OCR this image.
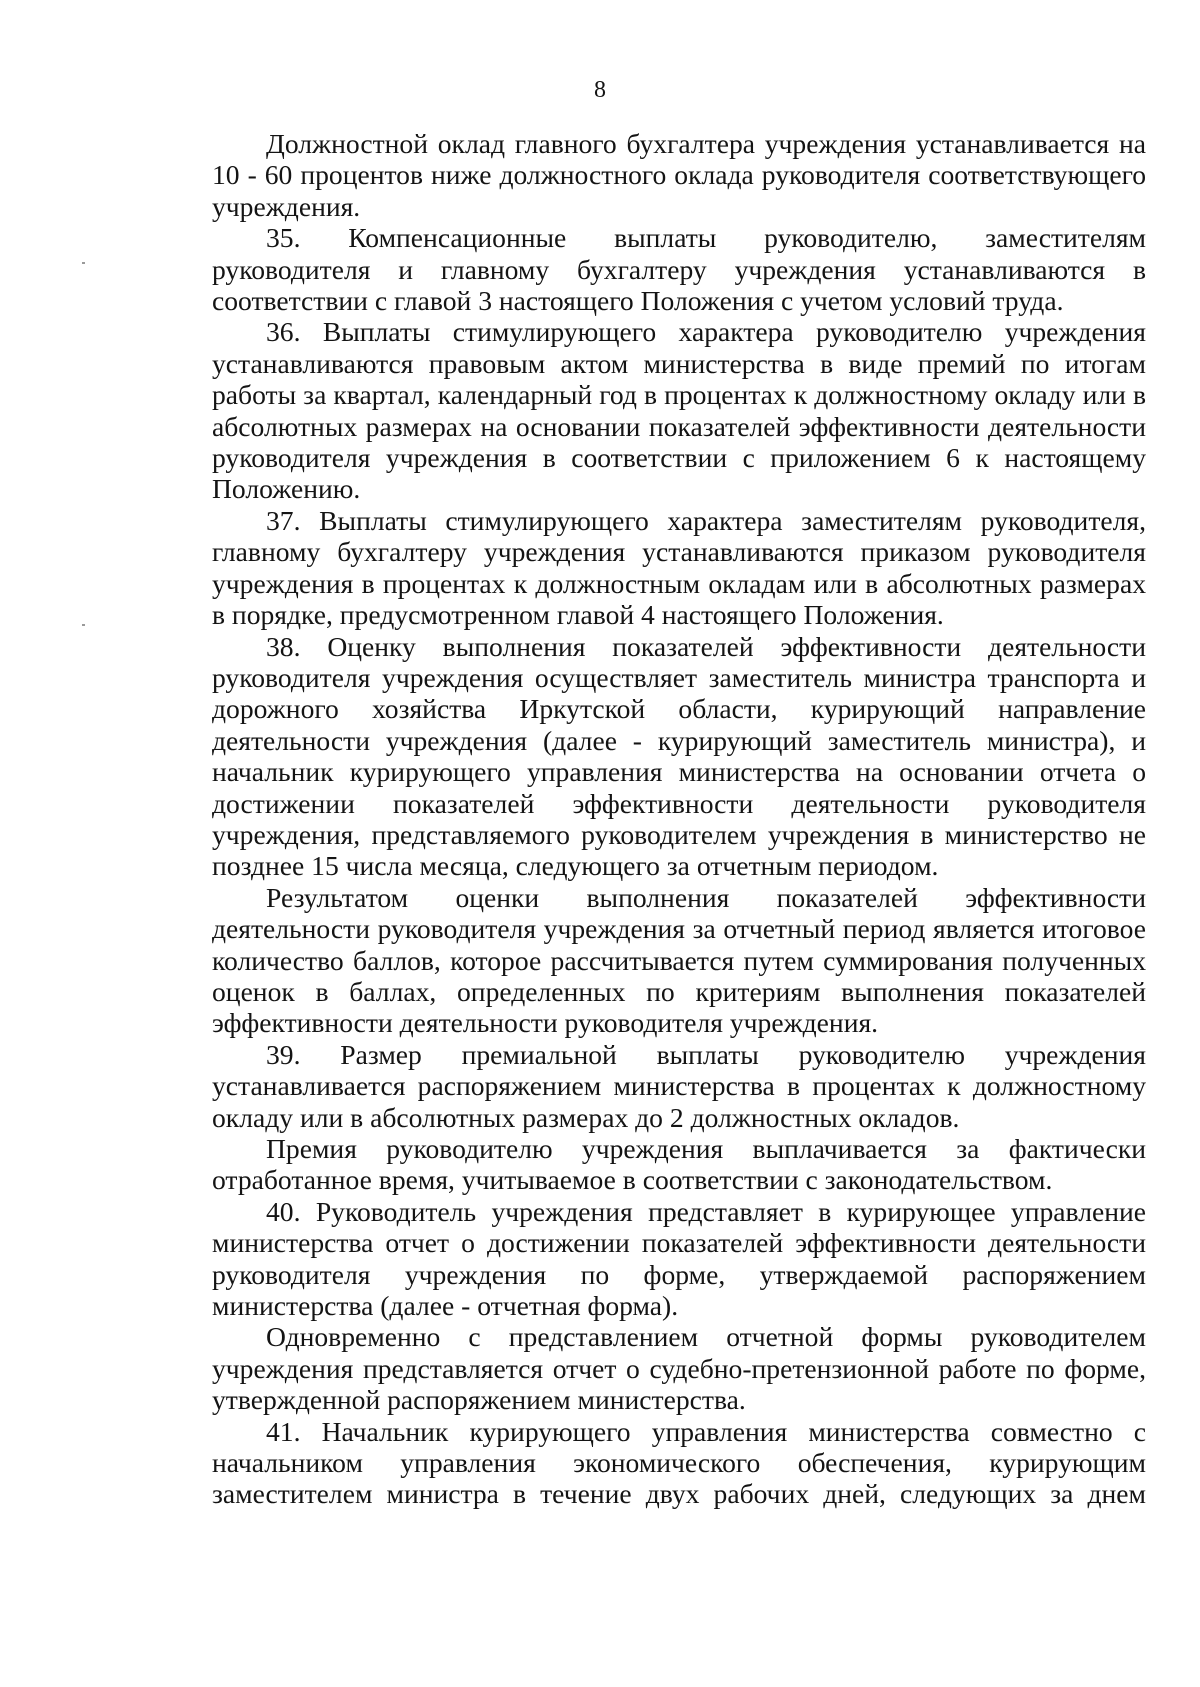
8

Должностной оклад главного бухгалтера учреждения устанавливается на 10 - 60 процентов ниже должностного оклада руководителя соответствующего учреждения.

35. Компенсационные выплаты руководителю, заместителям руководителя и главному бухгалтеру учреждения устанавливаются в соответствии с главой 3 настоящего Положения с учетом условий труда.

36. Выплаты стимулирующего характера руководителю учреждения устанавливаются правовым актом министерства в виде премий по итогам работы за квартал, календарный год в процентах к должностному окладу или в абсолютных размерах на основании показателей эффективности деятельности руководителя учреждения в соответствии с приложением 6 к настоящему Положению.

37. Выплаты стимулирующего характера заместителям руководителя, главному бухгалтеру учреждения устанавливаются приказом руководителя учреждения в процентах к должностным окладам или в абсолютных размерах в порядке, предусмотренном главой 4 настоящего Положения.

38. Оценку выполнения показателей эффективности деятельности руководителя учреждения осуществляет заместитель министра транспорта и дорожного хозяйства Иркутской области, курирующий направление деятельности учреждения (далее - курирующий заместитель министра), и начальник курирующего управления министерства на основании отчета о достижении показателей эффективности деятельности руководителя учреждения, представляемого руководителем учреждения в министерство не позднее 15 числа месяца, следующего за отчетным периодом.

Результатом оценки выполнения показателей эффективности деятельности руководителя учреждения за отчетный период является итоговое количество баллов, которое рассчитывается путем суммирования полученных оценок в баллах, определенных по критериям выполнения показателей эффективности деятельности руководителя учреждения.

39. Размер премиальной выплаты руководителю учреждения устанавливается распоряжением министерства в процентах к должностному окладу или в абсолютных размерах до 2 должностных окладов.

Премия руководителю учреждения выплачивается за фактически отработанное время, учитываемое в соответствии с законодательством.

40. Руководитель учреждения представляет в курирующее управление министерства отчет о достижении показателей эффективности деятельности руководителя учреждения по форме, утверждаемой распоряжением министерства (далее - отчетная форма).

Одновременно с представлением отчетной формы руководителем учреждения представляется отчет о судебно-претензионной работе по форме, утвержденной распоряжением министерства.

41. Начальник курирующего управления министерства совместно с начальником управления экономического обеспечения, курирующим заместителем министра в течение двух рабочих дней, следующих за днем
